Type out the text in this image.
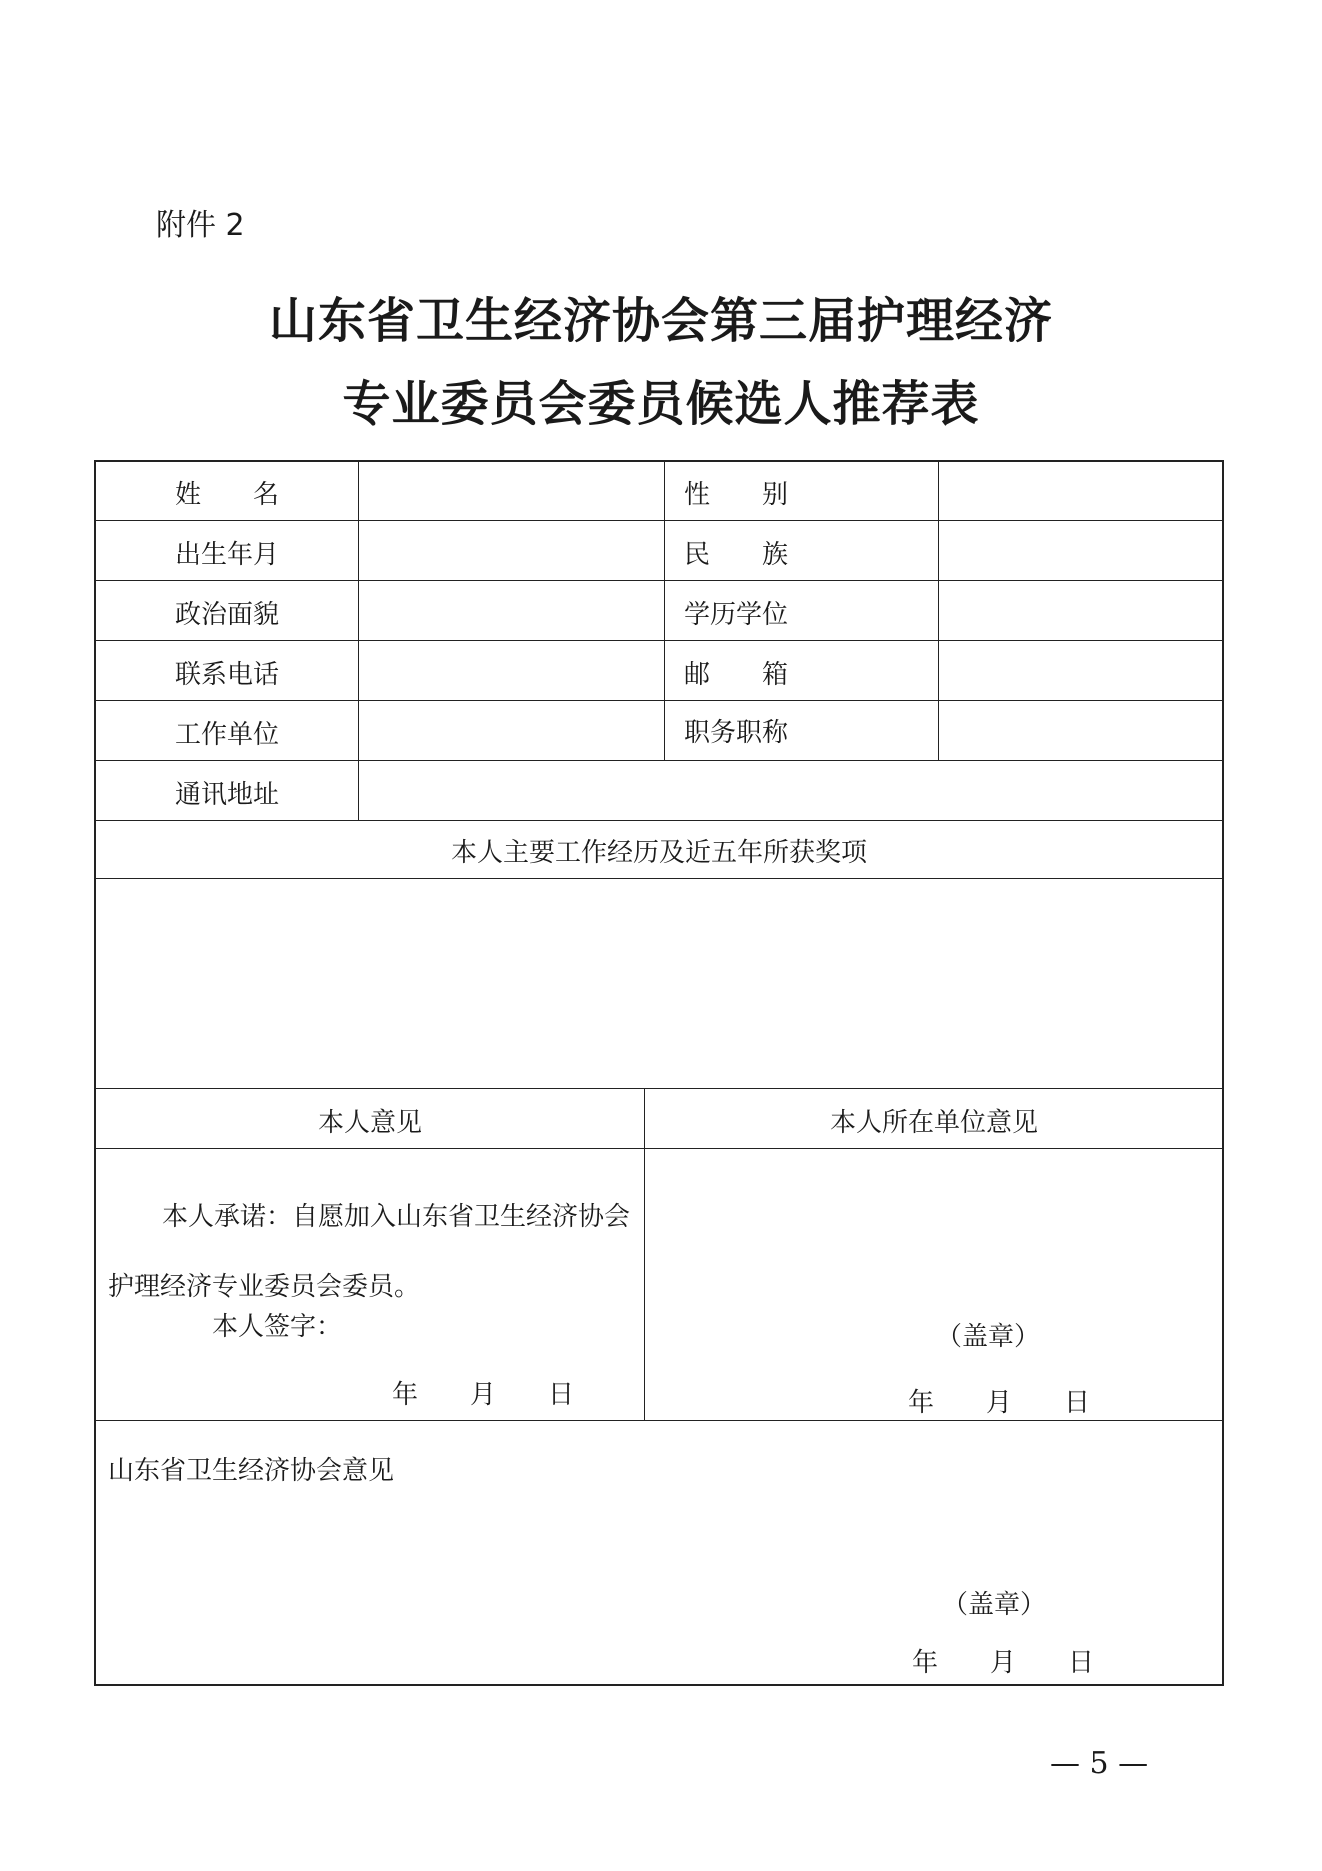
附件 2
山东省卫生经济协会第三届护理经济
专业委员会委员候选人推荐表
姓　　名	性　　别
出生年月	民　　族
政治面貌	学历学位
联系电话	邮　　箱
工作单位	职务职称
通讯地址
本人主要工作经历及近五年所获奖项
本人意见	本人所在单位意见
本人承诺：自愿加入山东省卫生经济协会
护理经济专业委员会委员。
本人签字：
年　　月　　日
（盖章）
年　　月　　日
山东省卫生经济协会意见
（盖章）
年　　月　　日
— 5 —
